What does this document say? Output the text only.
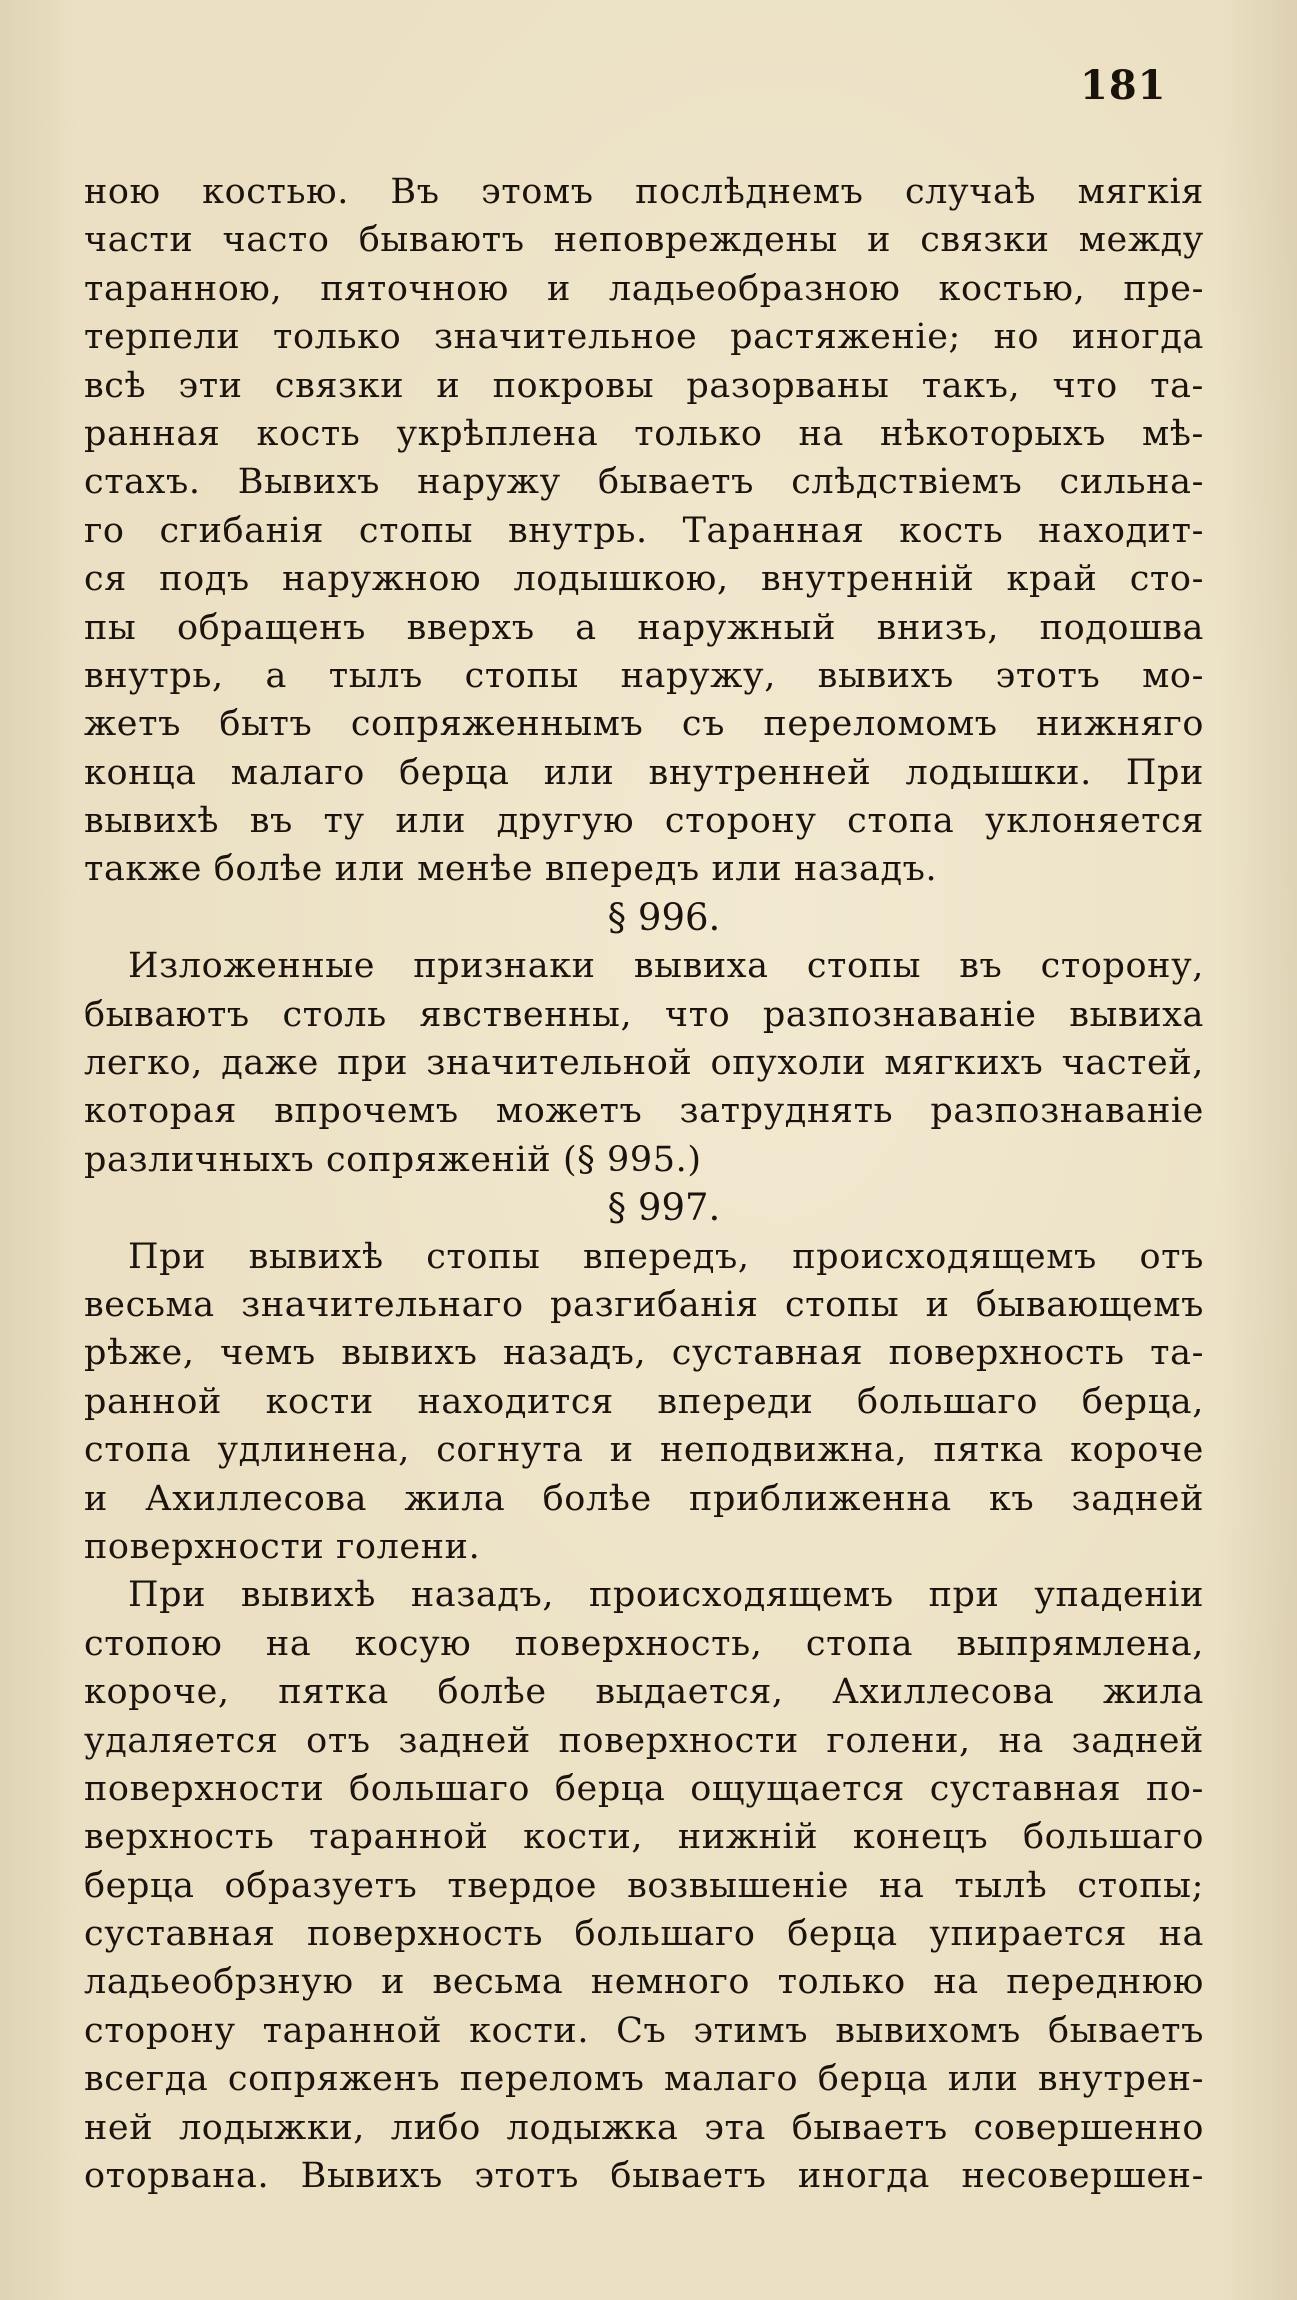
181
ною костью. Въ этомъ послѣднемъ случаѣ мягкія
части часто бываютъ неповреждены и связки между
таранною, пяточною и ладьеобразною костью, пре-
терпели только значительное растяженіе; но иногда
всѣ эти связки и покровы разорваны такъ, что та-
ранная кость укрѣплена только на нѣкоторыхъ мѣ-
стахъ. Вывихъ наружу бываетъ слѣдствіемъ сильна-
го сгибанія стопы внутрь. Таранная кость находит-
ся подъ наружною лодышкою, внутренній край сто-
пы обращенъ вверхъ а наружный внизъ, подошва
внутрь, а тылъ стопы наружу, вывихъ этотъ мо-
жетъ бытъ сопряженнымъ съ переломомъ нижняго
конца малаго берца или внутренней лодышки. При
вывихѣ въ ту или другую сторону стопа уклоняется
также болѣе или менѣе впередъ или назадъ.
§ 996.
Изложенные признаки вывиха стопы въ сторону,
бываютъ столь явственны, что разпознаваніе вывиха
легко, даже при значительной опухоли мягкихъ частей,
которая впрочемъ можетъ затруднять разпознаваніе
различныхъ сопряженій (§ 995.)
§ 997.
При вывихѣ стопы впередъ, происходящемъ отъ
весьма значительнаго разгибанія стопы и бывающемъ
рѣже, чемъ вывихъ назадъ, суставная поверхность та-
ранной кости находится впереди большаго берца,
стопа удлинена, согнута и неподвижна, пятка короче
и Ахиллесова жила болѣе приближенна къ задней
поверхности голени.
При вывихѣ назадъ, происходящемъ при упаденіи
стопою на косую поверхность, стопа выпрямлена,
короче, пятка болѣе выдается, Ахиллесова жила
удаляется отъ задней поверхности голени, на задней
поверхности большаго берца ощущается суставная по-
верхность таранной кости, нижній конецъ большаго
берца образуетъ твердое возвышеніе на тылѣ стопы;
суставная поверхность большаго берца упирается на
ладьеобрзную и весьма немного только на переднюю
сторону таранной кости. Съ этимъ вывихомъ бываетъ
всегда сопряженъ переломъ малаго берца или внутрен-
ней лодыжки, либо лодыжка эта бываетъ совершенно
оторвана. Вывихъ этотъ бываетъ иногда несовершен-
